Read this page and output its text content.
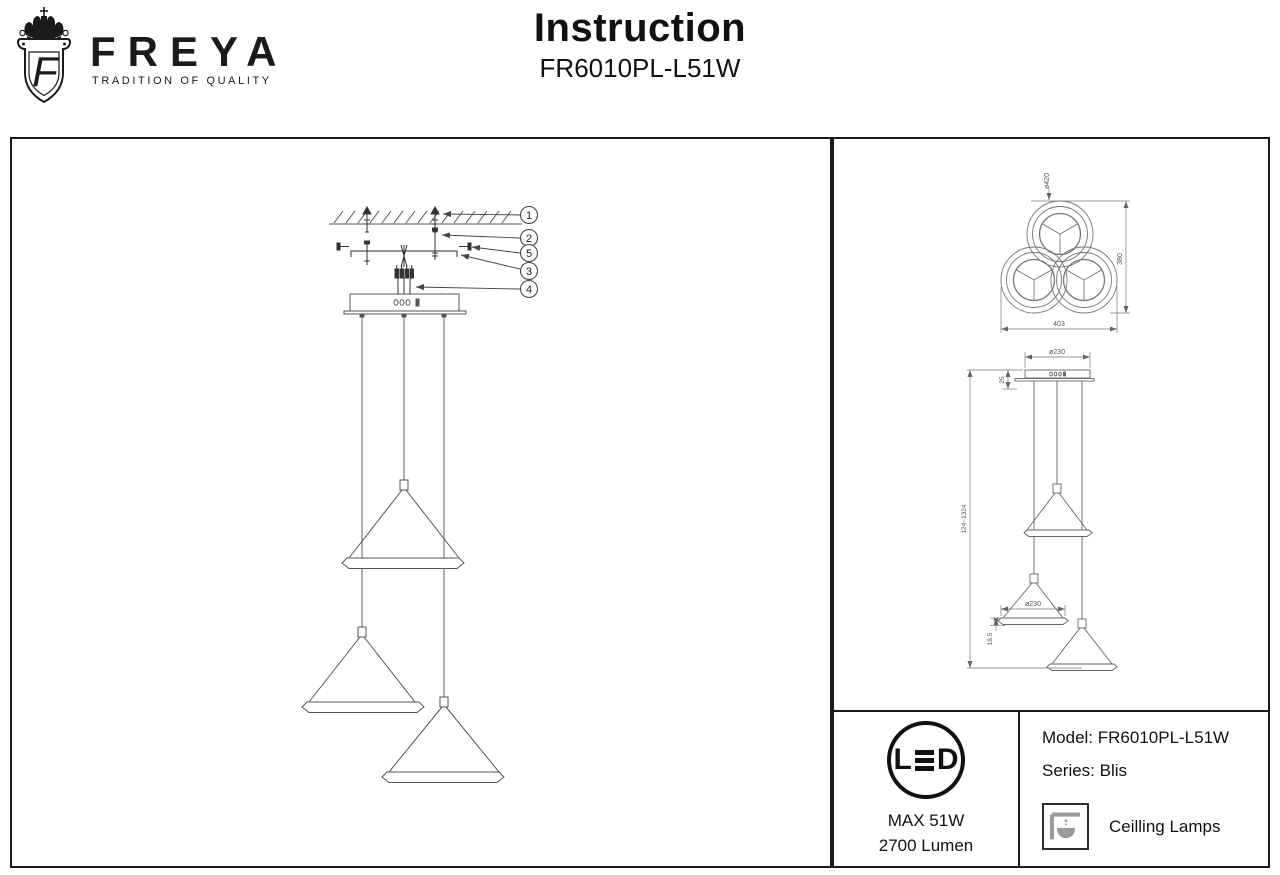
F FREYA
TRADITION OF QUALITY
Instruction
FR6010PL-L51W
1
2
5
3
4
ø420
380
403
ø230
25
124~1324
ø230
18.5
L D
MAX 51W
2700 Lumen
Model: FR6010PL-L51W
Series: Blis
Ceilling Lamps
